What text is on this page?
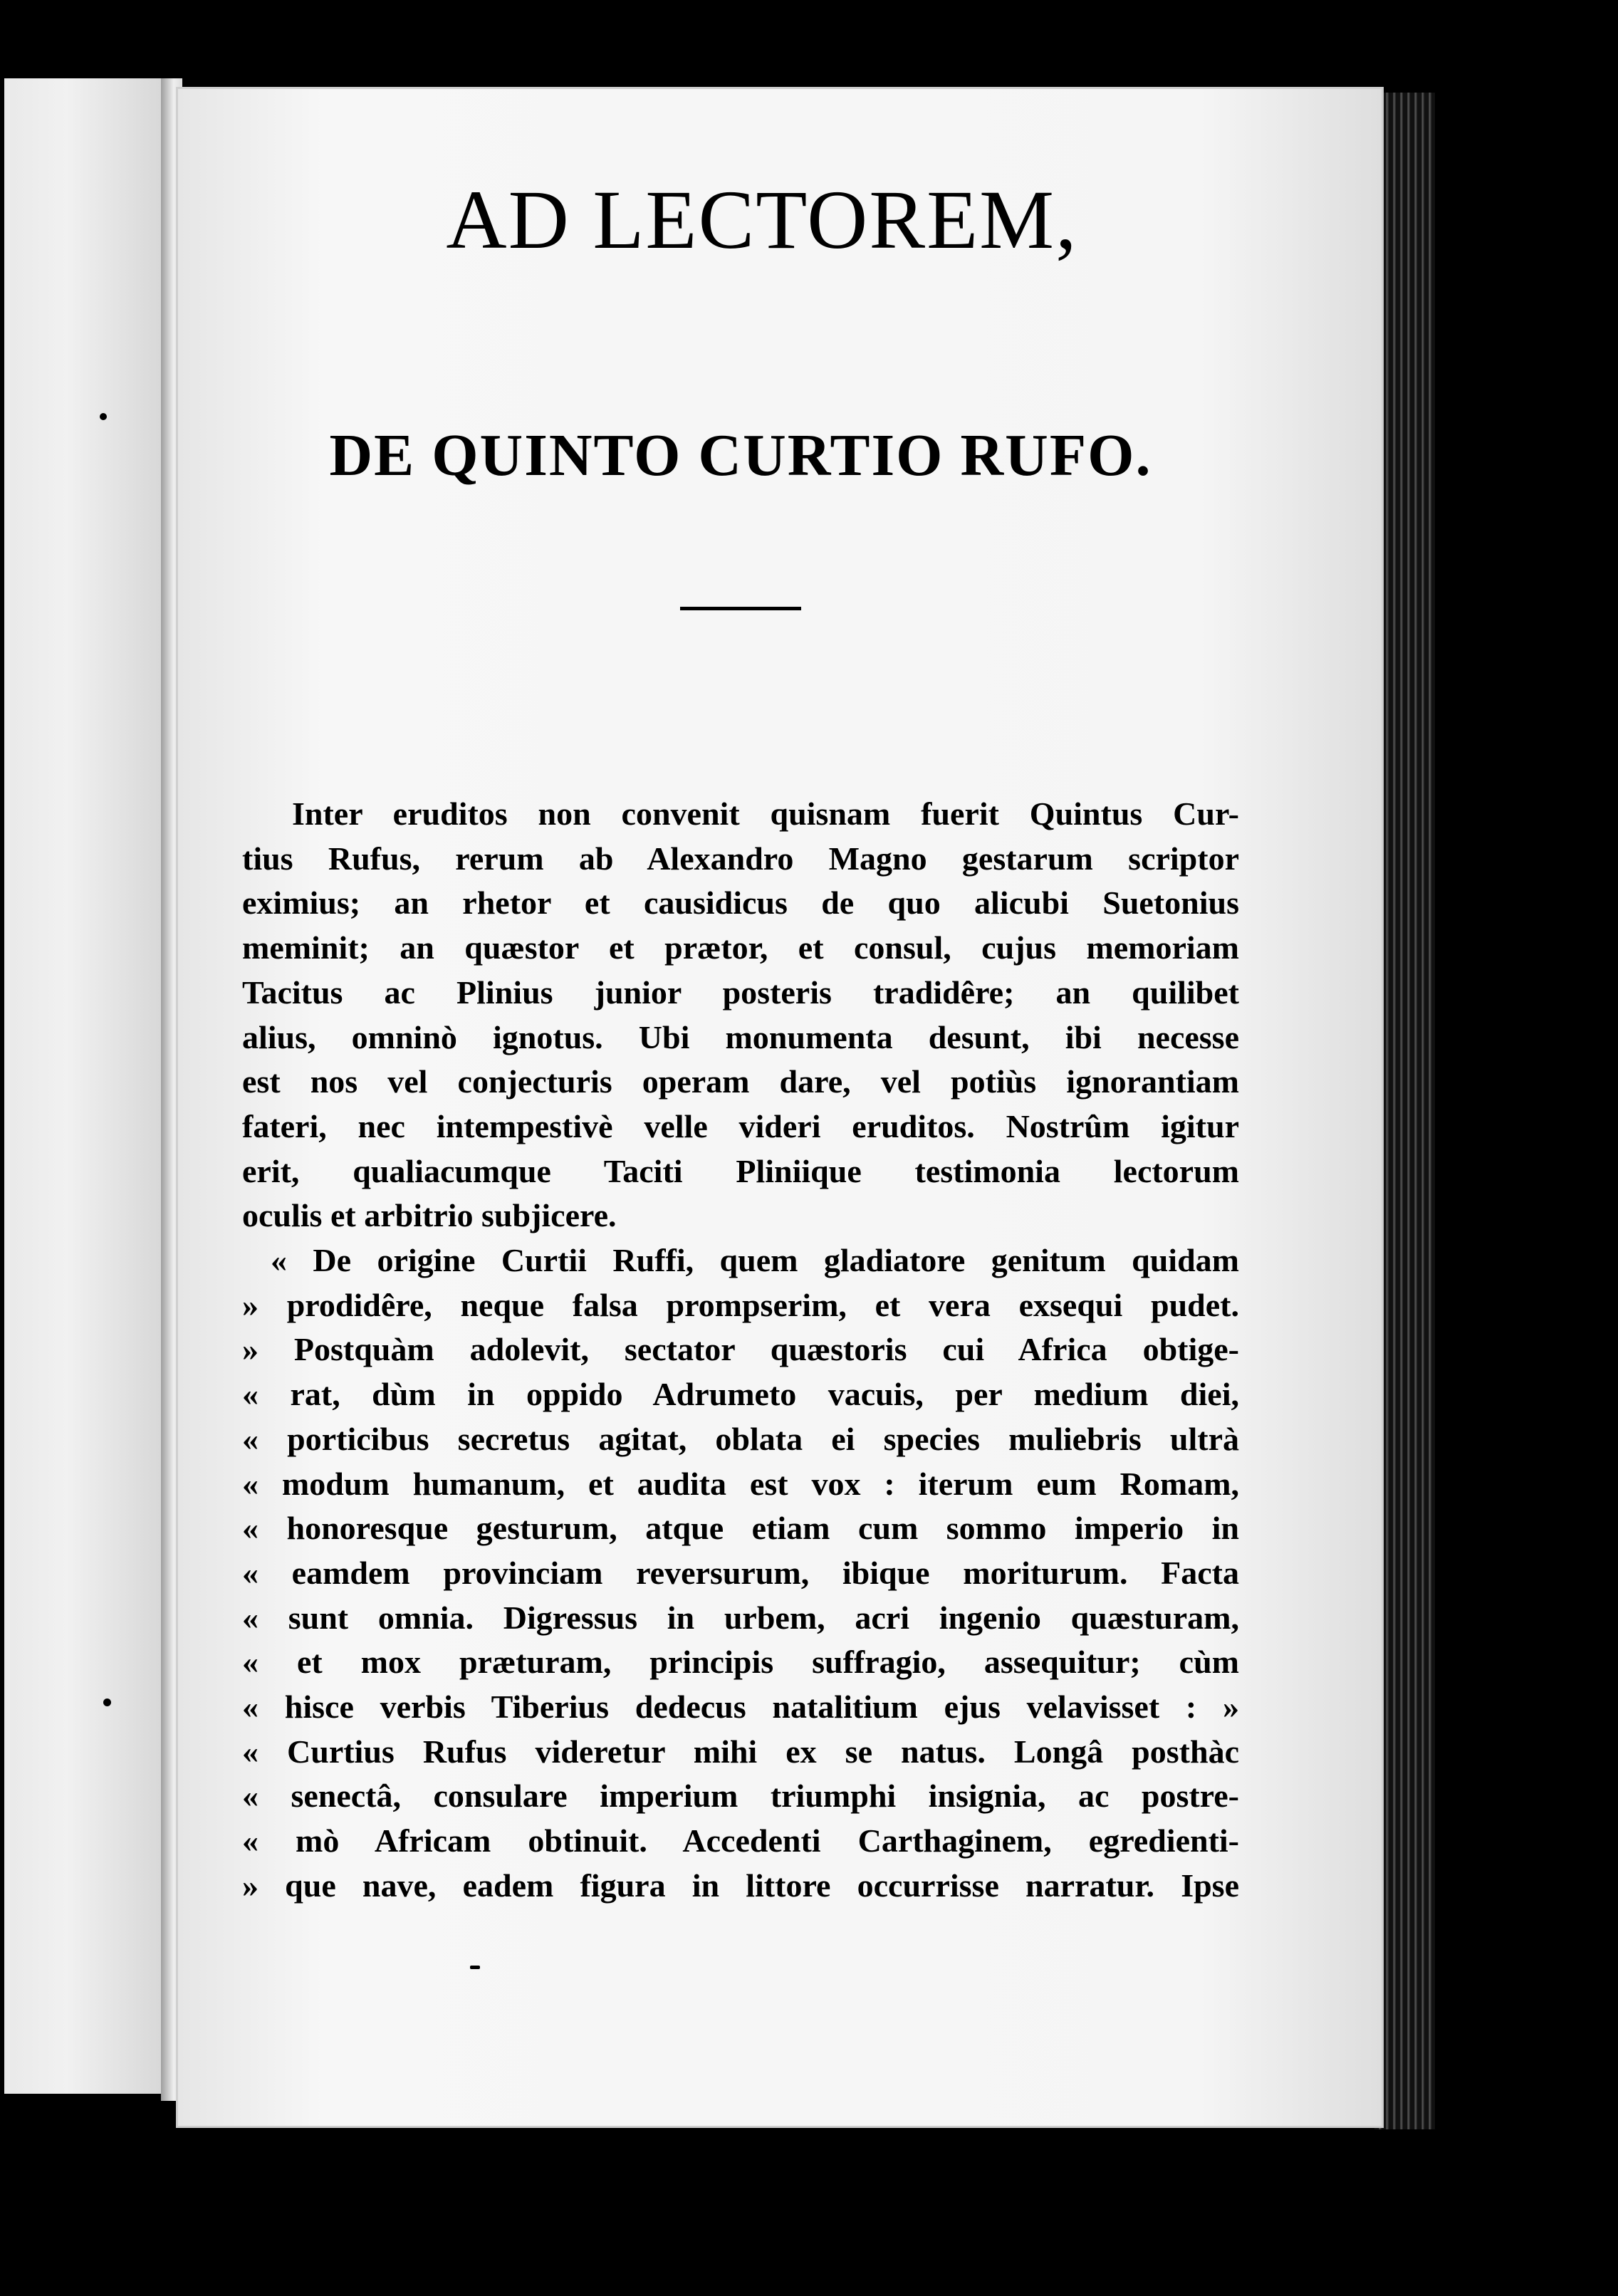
AD LECTOREM,
DE QUINTO CURTIO RUFO.

Inter eruditos non convenit quisnam fuerit Quintus Cur-
tius Rufus, rerum ab Alexandro Magno gestarum scriptor
eximius; an rhetor et causidicus de quo alicubi Suetonius
meminit; an quæstor et prætor, et consul, cujus memoriam
Tacitus ac Plinius junior posteris tradidêre; an quilibet
alius, omninò ignotus. Ubi monumenta desunt, ibi necesse
est nos vel conjecturis operam dare, vel potiùs ignorantiam
fateri, nec intempestivè velle videri eruditos. Nostrûm igitur
erit, qualiacumque Taciti Pliniique testimonia lectorum
oculis et arbitrio subjicere.

« De origine Curtii Ruffi, quem gladiatore genitum quidam
» prodidêre, neque falsa prompserim, et vera exsequi pudet.
» Postquàm adolevit, sectator quæstoris cui Africa obtige-
« rat, dùm in oppido Adrumeto vacuis, per medium diei,
« porticibus secretus agitat, oblata ei species muliebris ultrà
« modum humanum, et audita est vox : iterum eum Romam,
« honoresque gesturum, atque etiam cum sommo imperio in
« eamdem provinciam reversurum, ibique moriturum. Facta
« sunt omnia. Digressus in urbem, acri ingenio quæsturam,
« et mox præturam, principis suffragio, assequitur; cùm
« hisce verbis Tiberius dedecus natalitium ejus velavisset : »
« Curtius Rufus videretur mihi ex se natus. Longâ posthàc
« senectâ, consulare imperium triumphi insignia, ac postre-
« mò Africam obtinuit. Accedenti Carthaginem, egredienti-
» que nave, eadem figura in littore occurrisse narratur. Ipse
